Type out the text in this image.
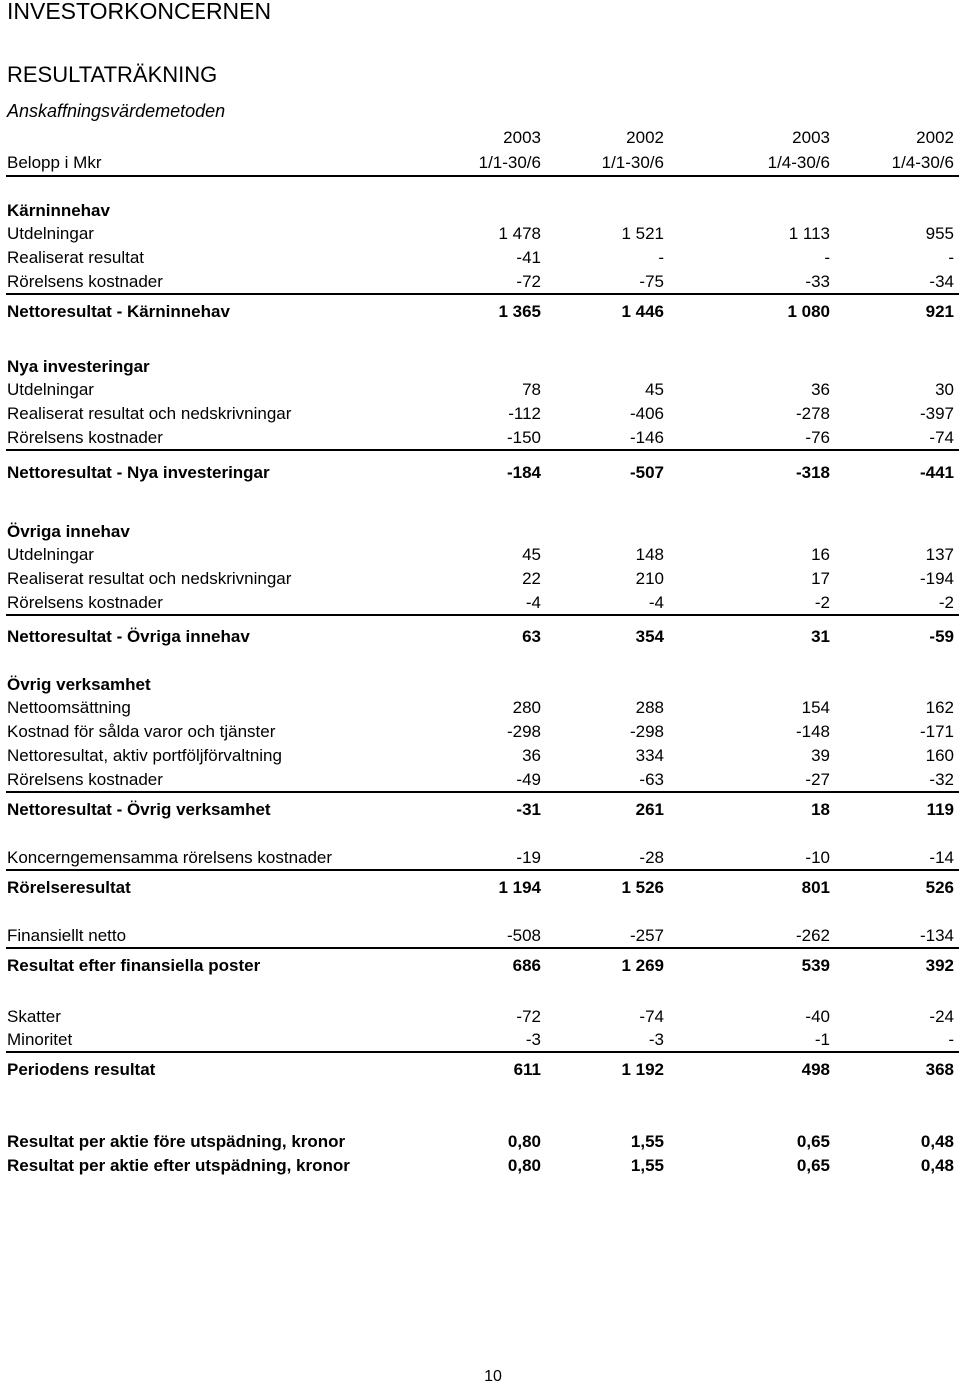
INVESTORKONCERNEN
RESULTATRÄKNING
Anskaffningsvärdemetoden
2003	2002	2003	2002
Belopp i Mkr	1/1-30/6	1/1-30/6	1/4-30/6	1/4-30/6
Kärninnehav
Utdelningar	1 478	1 521	1 113	955
Realiserat resultat	-41	-	-	-
Rörelsens kostnader	-72	-75	-33	-34
Nettoresultat - Kärninnehav	1 365	1 446	1 080	921
Nya investeringar
Utdelningar	78	45	36	30
Realiserat resultat och nedskrivningar	-112	-406	-278	-397
Rörelsens kostnader	-150	-146	-76	-74
Nettoresultat - Nya investeringar	-184	-507	-318	-441
Övriga innehav
Utdelningar	45	148	16	137
Realiserat resultat och nedskrivningar	22	210	17	-194
Rörelsens kostnader	-4	-4	-2	-2
Nettoresultat - Övriga innehav	63	354	31	-59
Övrig verksamhet
Nettoomsättning	280	288	154	162
Kostnad för sålda varor och tjänster	-298	-298	-148	-171
Nettoresultat, aktiv portföljförvaltning	36	334	39	160
Rörelsens kostnader	-49	-63	-27	-32
Nettoresultat - Övrig verksamhet	-31	261	18	119
Koncerngemensamma rörelsens kostnader	-19	-28	-10	-14
Rörelseresultat	1 194	1 526	801	526
Finansiellt netto	-508	-257	-262	-134
Resultat efter finansiella poster	686	1 269	539	392
Skatter	-72	-74	-40	-24
Minoritet	-3	-3	-1	-
Periodens resultat	611	1 192	498	368
Resultat per aktie före utspädning, kronor	0,80	1,55	0,65	0,48
Resultat per aktie efter utspädning, kronor	0,80	1,55	0,65	0,48
10
